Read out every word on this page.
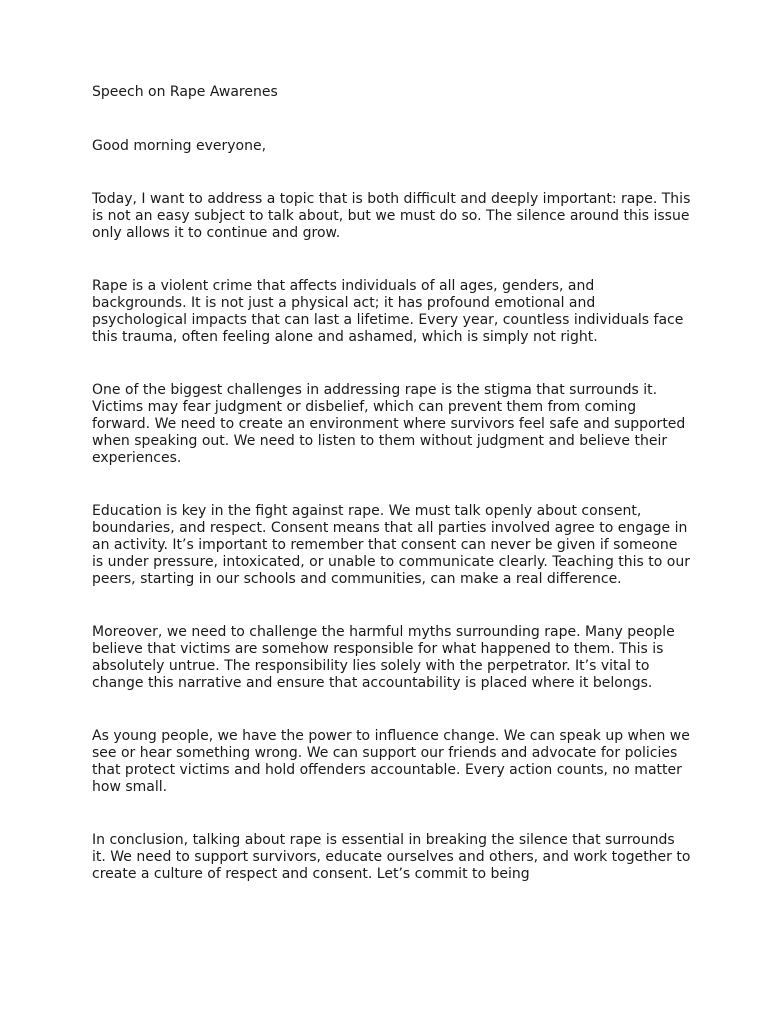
Speech on Rape Awarenes

Good morning everyone,

Today, I want to address a topic that is both difficult and deeply important: rape. This is not an easy subject to talk about, but we must do so. The silence around this issue only allows it to continue and grow.

Rape is a violent crime that affects individuals of all ages, genders, and backgrounds. It is not just a physical act; it has profound emotional and psychological impacts that can last a lifetime. Every year, countless individuals face this trauma, often feeling alone and ashamed, which is simply not right.

One of the biggest challenges in addressing rape is the stigma that surrounds it. Victims may fear judgment or disbelief, which can prevent them from coming forward. We need to create an environment where survivors feel safe and supported when speaking out. We need to listen to them without judgment and believe their experiences.

Education is key in the fight against rape. We must talk openly about consent, boundaries, and respect. Consent means that all parties involved agree to engage in an activity. It’s important to remember that consent can never be given if someone is under pressure, intoxicated, or unable to communicate clearly. Teaching this to our peers, starting in our schools and communities, can make a real difference.

Moreover, we need to challenge the harmful myths surrounding rape. Many people believe that victims are somehow responsible for what happened to them. This is absolutely untrue. The responsibility lies solely with the perpetrator. It’s vital to change this narrative and ensure that accountability is placed where it belongs.

As young people, we have the power to influence change. We can speak up when we see or hear something wrong. We can support our friends and advocate for policies that protect victims and hold offenders accountable. Every action counts, no matter how small.

In conclusion, talking about rape is essential in breaking the silence that surrounds it. We need to support survivors, educate ourselves and others, and work together to create a culture of respect and consent. Let’s commit to being
